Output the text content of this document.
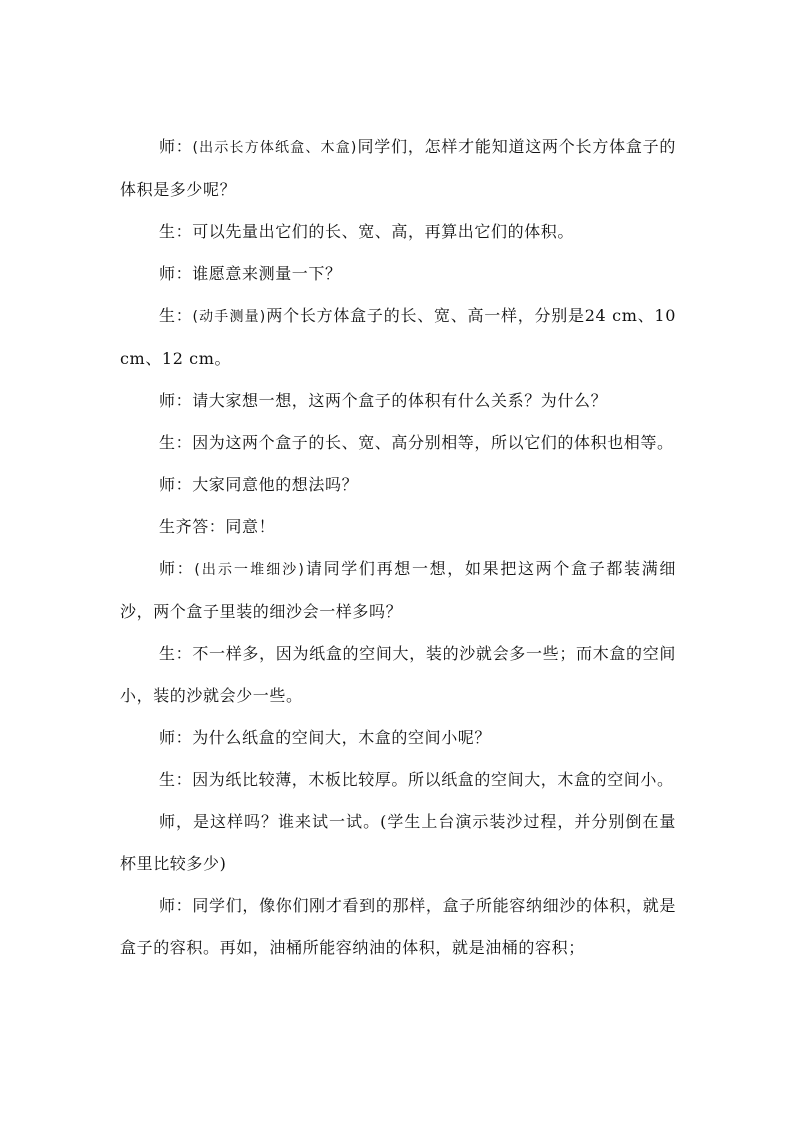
师：(出示长方体纸盒、木盒)同学们，怎样才能知道这两个长方体盒子的体积是多少呢？

生：可以先量出它们的长、宽、高，再算出它们的体积。

师：谁愿意来测量一下？

生：(动手测量)两个长方体盒子的长、宽、高一样，分别是24 cm、10 cm、12 cm。

师：请大家想一想，这两个盒子的体积有什么关系？为什么？

生：因为这两个盒子的长、宽、高分别相等，所以它们的体积也相等。

师：大家同意他的想法吗？

生齐答：同意！

师：(出示一堆细沙)请同学们再想一想，如果把这两个盒子都装满细沙，两个盒子里装的细沙会一样多吗？

生：不一样多，因为纸盒的空间大，装的沙就会多一些；而木盒的空间小，装的沙就会少一些。

师：为什么纸盒的空间大，木盒的空间小呢？

生：因为纸比较薄，木板比较厚。所以纸盒的空间大，木盒的空间小。

师，是这样吗？谁来试一试。(学生上台演示装沙过程，并分别倒在量杯里比较多少)

师：同学们，像你们刚才看到的那样，盒子所能容纳细沙的体积，就是盒子的容积。再如，油桶所能容纳油的体积，就是油桶的容积；
